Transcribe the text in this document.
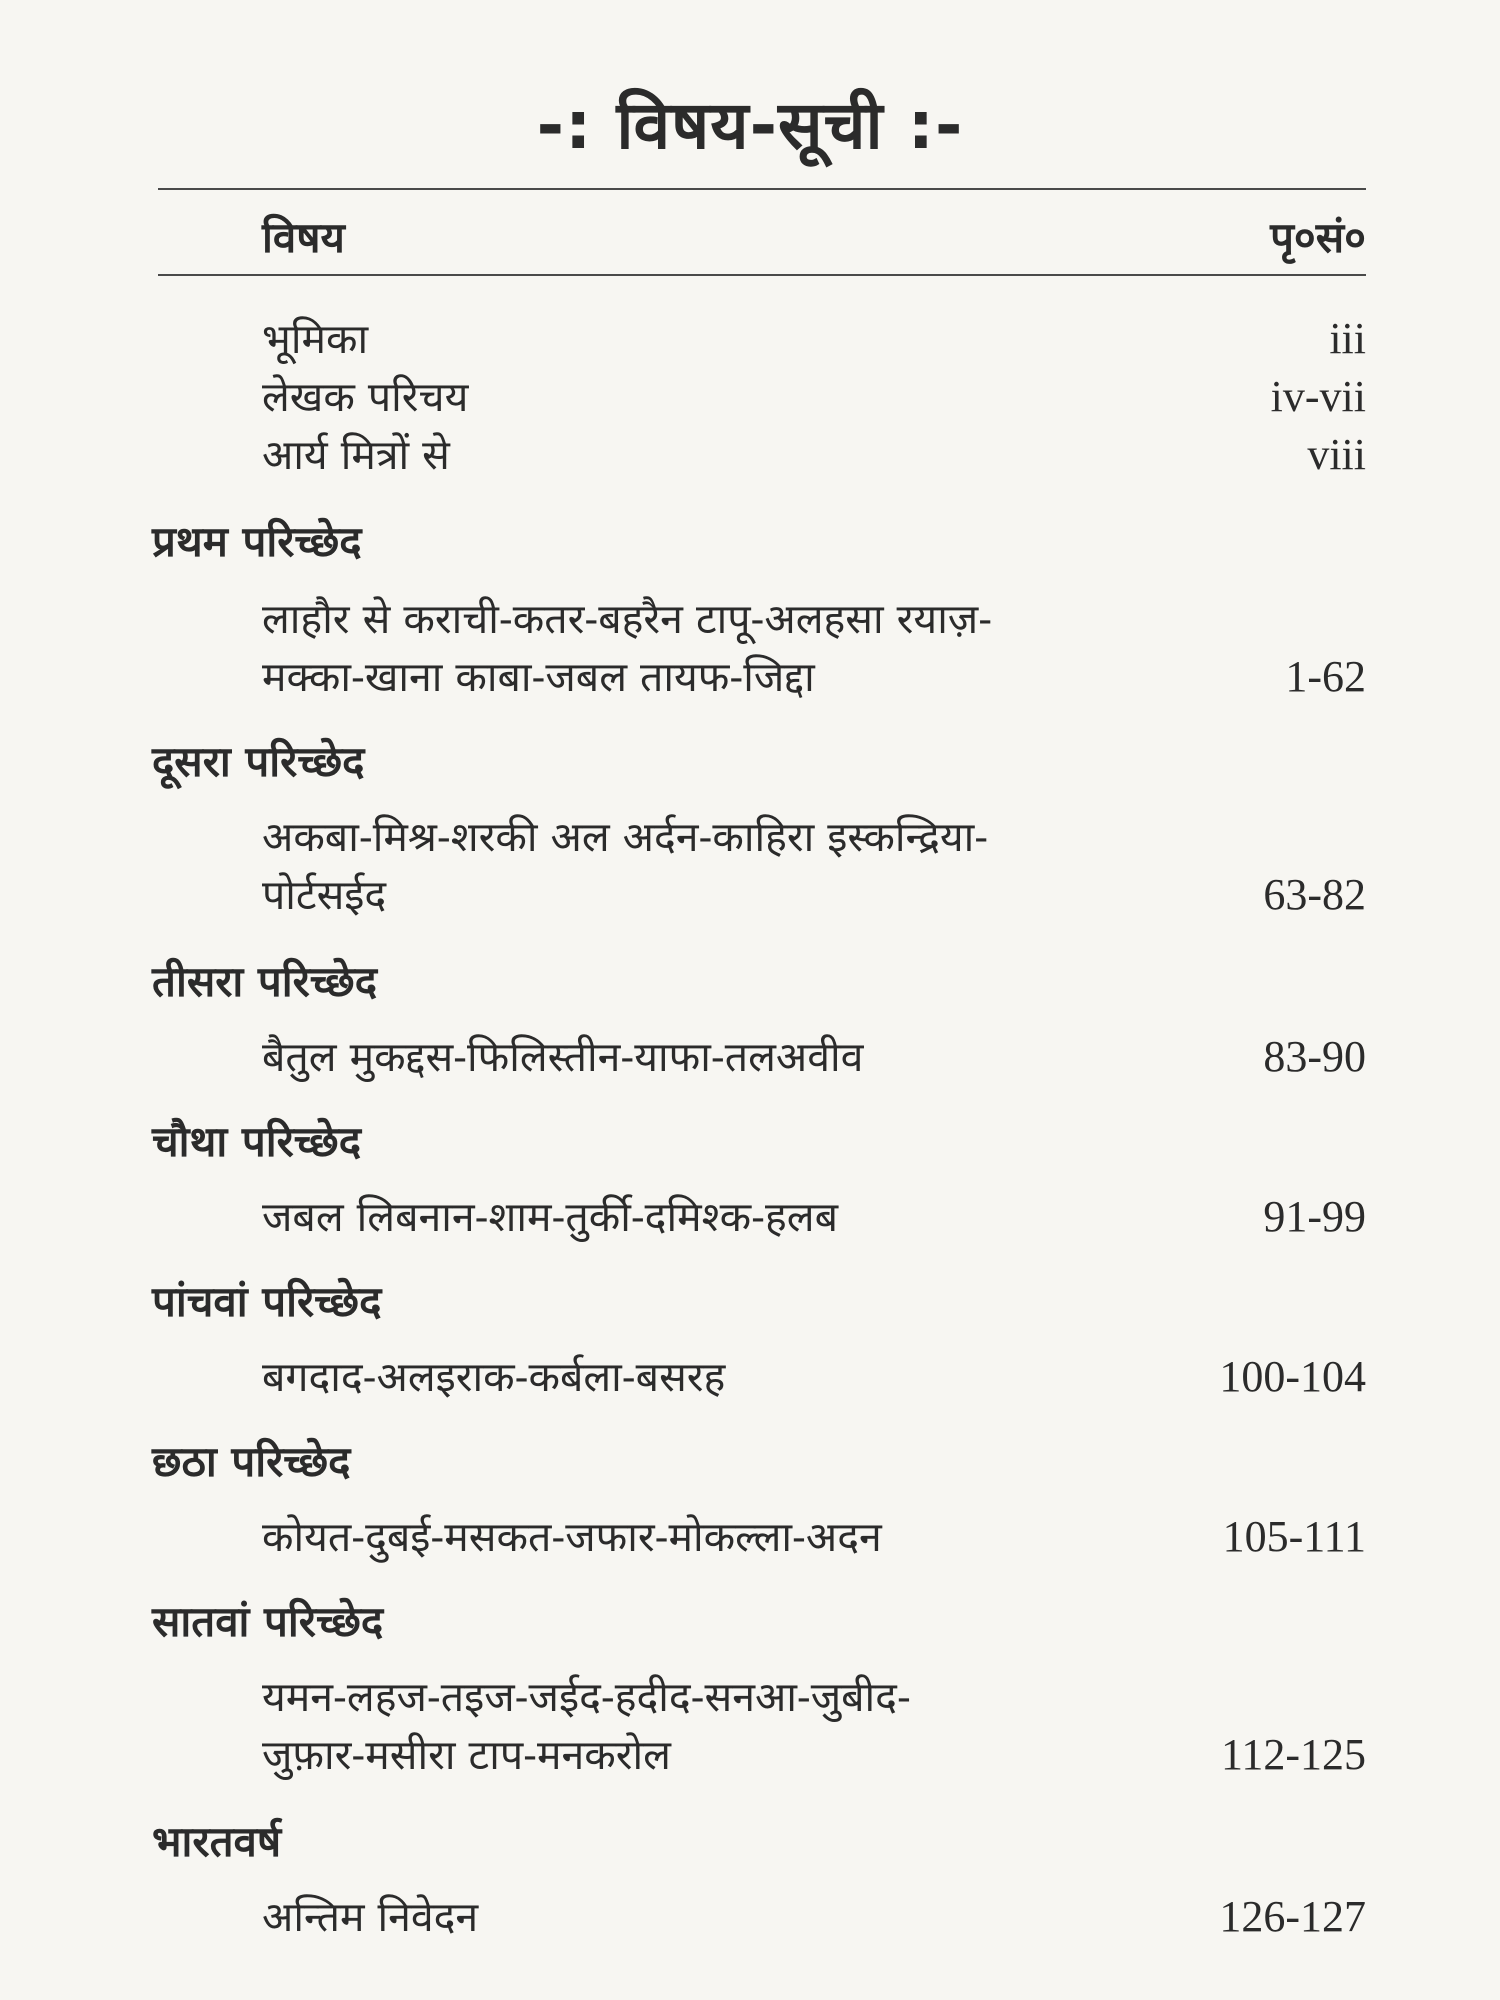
-: विषय-सूची :-
विषय	पृ०सं०
भूमिका	iii
लेखक परिचय	iv-vii
आर्य मित्रों से	viii
प्रथम परिच्छेद
लाहौर से कराची-कतर-बहरैन टापू-अलहसा रयाज़-
मक्का-खाना काबा-जबल तायफ-जिद्दा	1-62
दूसरा परिच्छेद
अकबा-मिश्र-शरकी अल अर्दन-काहिरा इस्कन्द्रिया-
पोर्टसईद	63-82
तीसरा परिच्छेद
बैतुल मुकद्दस-फिलिस्तीन-याफा-तलअवीव	83-90
चौथा परिच्छेद
जबल लिबनान-शाम-तुर्की-दमिश्क-हलब	91-99
पांचवां परिच्छेद
बगदाद-अलइराक-कर्बला-बसरह	100-104
छठा परिच्छेद
कोयत-दुबई-मसकत-जफार-मोकल्ला-अदन	105-111
सातवां परिच्छेद
यमन-लहज-तइज-जईद-हदीद-सनआ-जुबीद-
जुफ़ार-मसीरा टाप-मनकरोल	112-125
भारतवर्ष
अन्तिम निवेदन	126-127
